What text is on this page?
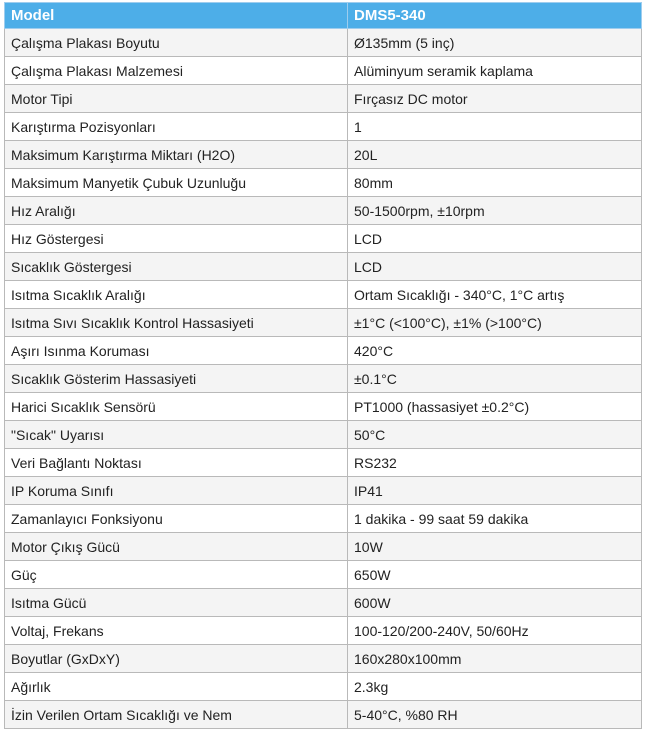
Model	DMS5-340
Çalışma Plakası Boyutu	Ø135mm (5 inç)
Çalışma Plakası Malzemesi	Alüminyum seramik kaplama
Motor Tipi	Fırçasız DC motor
Karıştırma Pozisyonları	1
Maksimum Karıştırma Miktarı (H2O)	20L
Maksimum Manyetik Çubuk Uzunluğu	80mm
Hız Aralığı	50-1500rpm, ±10rpm
Hız Göstergesi	LCD
Sıcaklık Göstergesi	LCD
Isıtma Sıcaklık Aralığı	Ortam Sıcaklığı - 340°C, 1°C artış
Isıtma Sıvı Sıcaklık Kontrol Hassasiyeti	±1°C (<100°C), ±1% (>100°C)
Aşırı Isınma Koruması	420°C
Sıcaklık Gösterim Hassasiyeti	±0.1°C
Harici Sıcaklık Sensörü	PT1000 (hassasiyet ±0.2°C)
"Sıcak" Uyarısı	50°C
Veri Bağlantı Noktası	RS232
IP Koruma Sınıfı	IP41
Zamanlayıcı Fonksiyonu	1 dakika - 99 saat 59 dakika
Motor Çıkış Gücü	10W
Güç	650W
Isıtma Gücü	600W
Voltaj, Frekans	100-120/200-240V, 50/60Hz
Boyutlar (GxDxY)	160x280x100mm
Ağırlık	2.3kg
İzin Verilen Ortam Sıcaklığı ve Nem	5-40°C, %80 RH
